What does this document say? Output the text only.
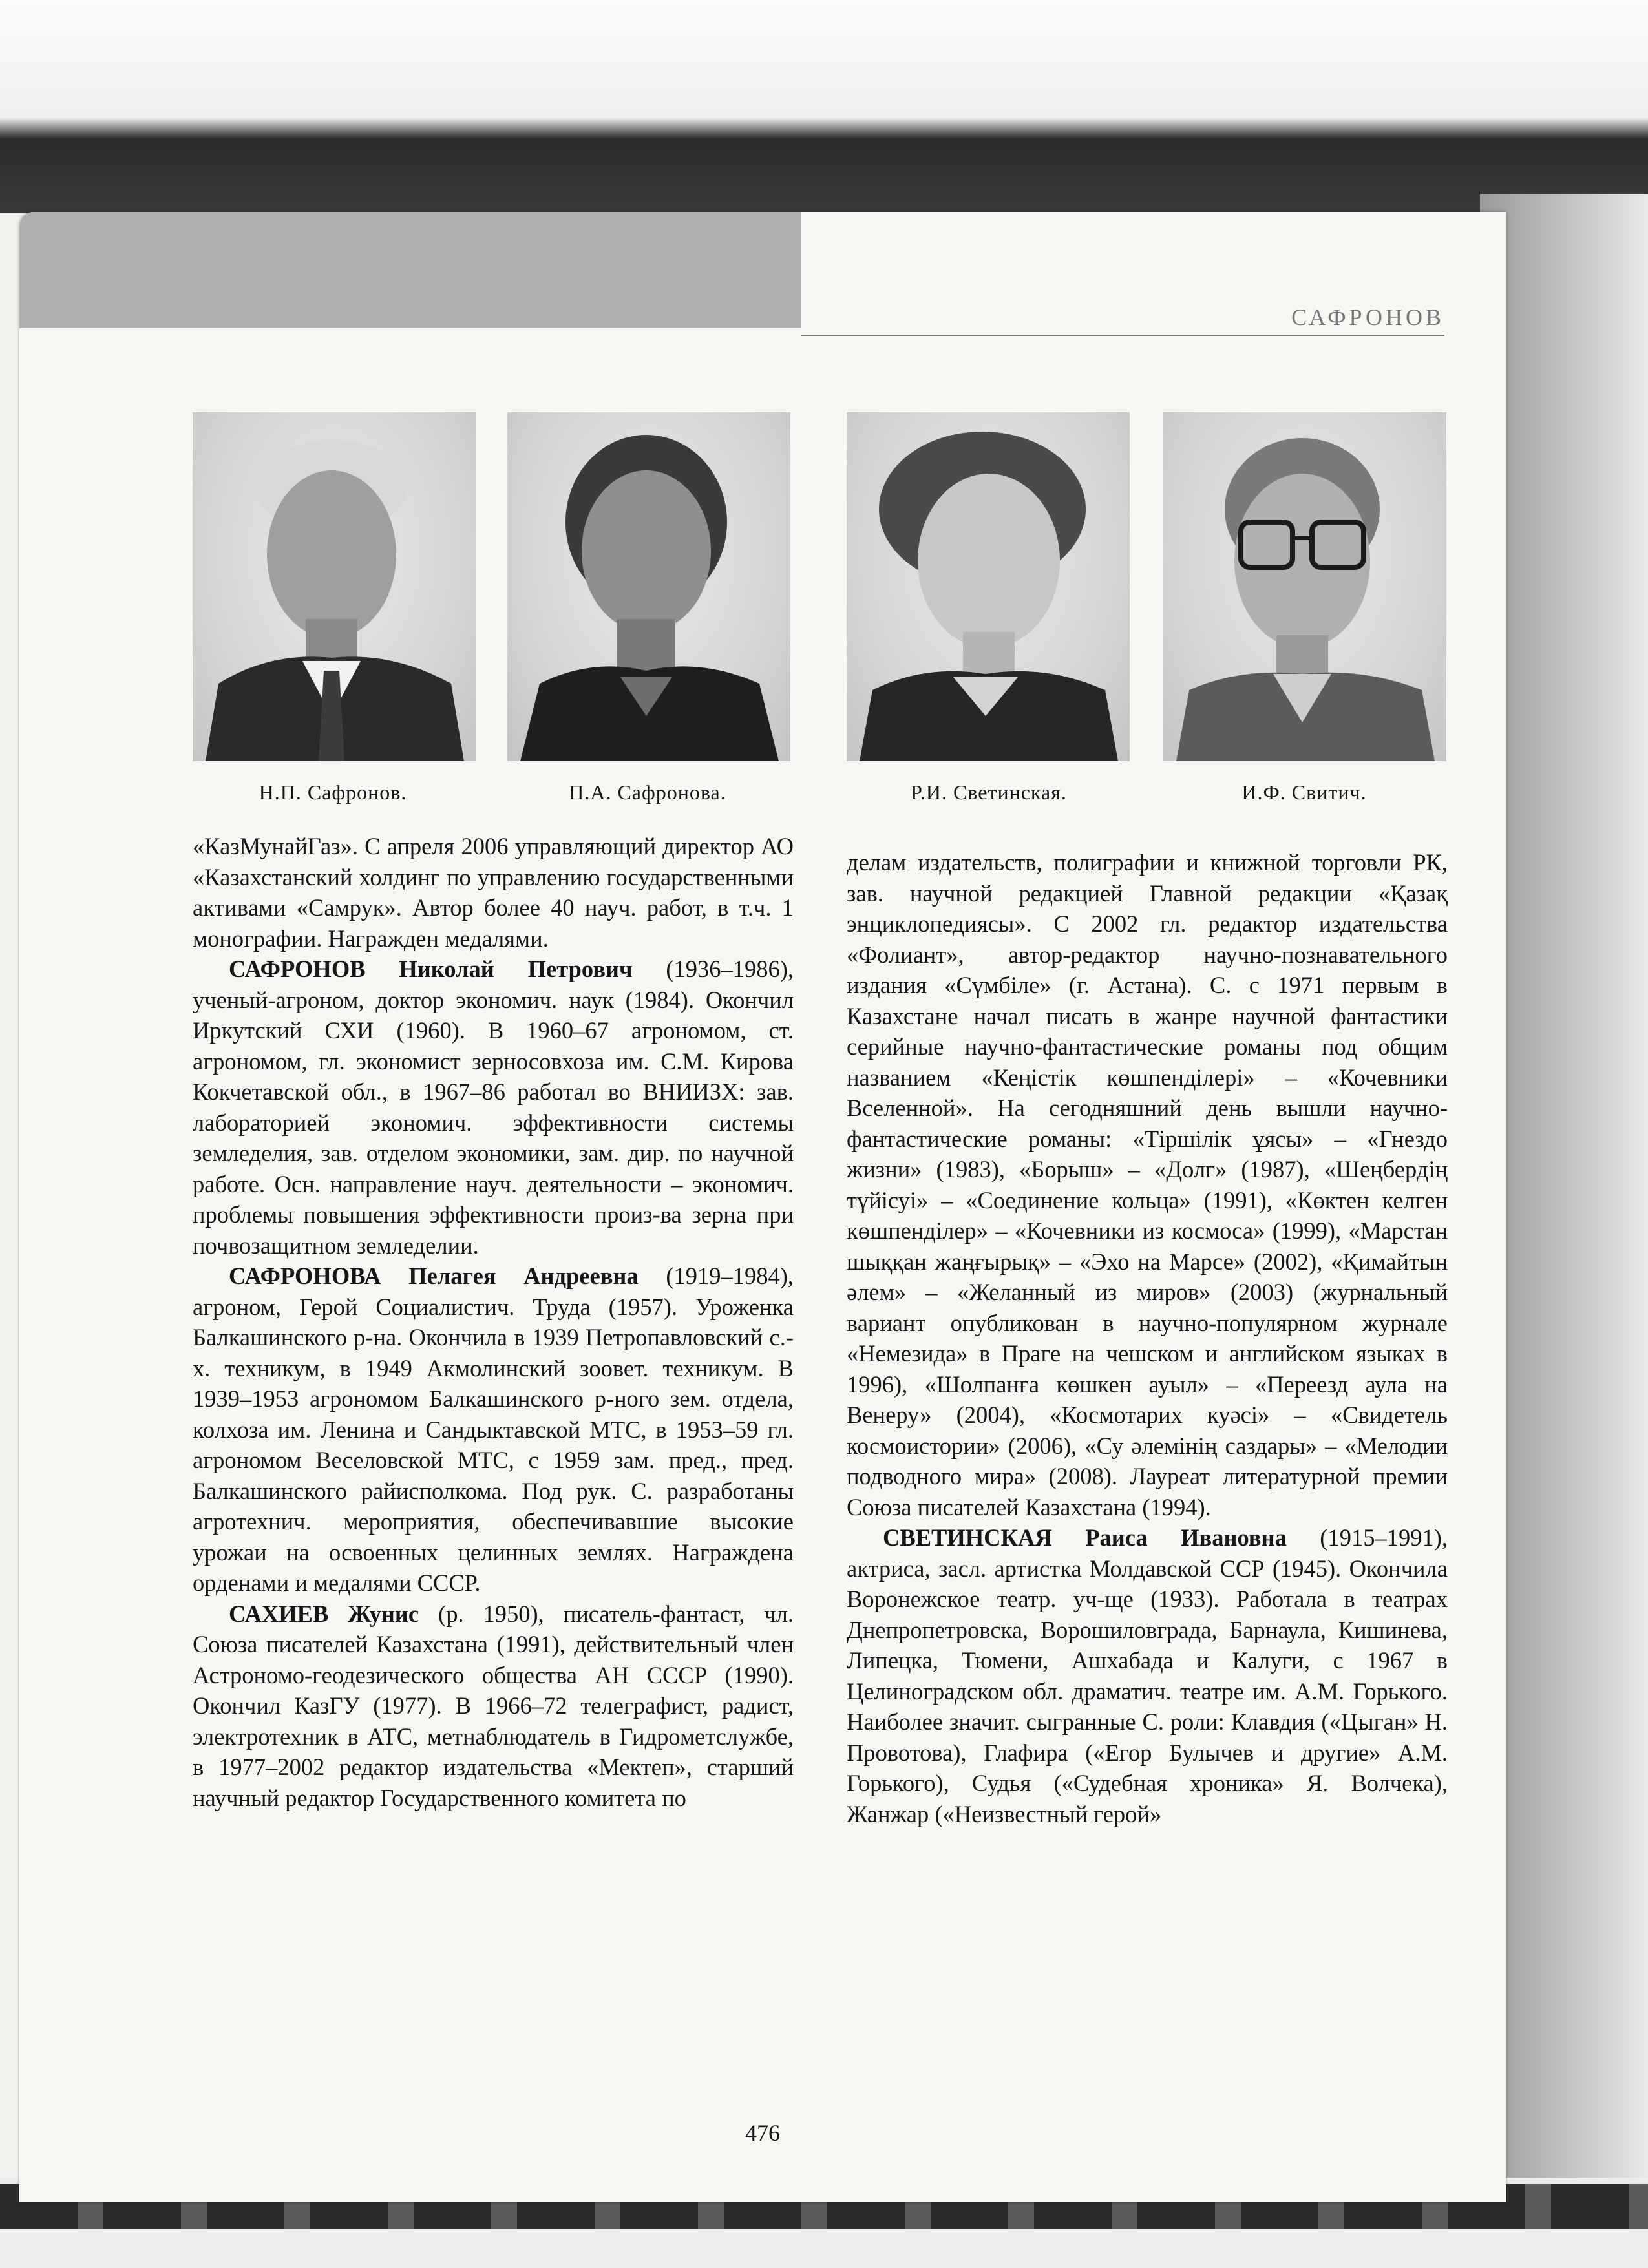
САФРОНОВ
Н.П. Сафронов.	П.А. Сафронова.	Р.И. Светинская.	И.Ф. Свитич.

«КазМунайГаз». С апреля 2006 управляющий директор АО «Казахстанский холдинг по управлению государственными активами «Самрук». Автор более 40 науч. работ, в т.ч. 1 монографии. Награжден медалями.

САФРОНОВ Николай Петрович (1936–1986), ученый-агроном, доктор экономич. наук (1984). Окончил Иркутский СХИ (1960). В 1960–67 агрономом, ст. агрономом, гл. экономист зерносовхоза им. С.М. Кирова Кокчетавской обл., в 1967–86 работал во ВНИИЗХ: зав. лабораторией экономич. эффективности системы земледелия, зав. отделом экономики, зам. дир. по научной работе. Осн. направление науч. деятельности – экономич. проблемы повышения эффективности произ-ва зерна при почвозащитном земледелии.

САФРОНОВА Пелагея Андреевна (1919–1984), агроном, Герой Социалистич. Труда (1957). Уроженка Балкашинского р-на. Окончила в 1939 Петропавловский с.-х. техникум, в 1949 Акмолинский зоовет. техникум. В 1939–1953 агрономом Балкашинского р-ного зем. отдела, колхоза им. Ленина и Сандыктавской МТС, в 1953–59 гл. агрономом Веселовской МТС, с 1959 зам. пред., пред. Балкашинского райисполкома. Под рук. С. разработаны агротехнич. мероприятия, обеспечивавшие высокие урожаи на освоенных целинных землях. Награждена орденами и медалями СССР.

САХИЕВ Жунис (р. 1950), писатель-фантаст, чл. Союза писателей Казахстана (1991), действительный член Астрономо-геодезического общества АН СССР (1990). Окончил КазГУ (1977). В 1966–72 телеграфист, радист, электротехник в АТС, метнаблюдатель в Гидрометслужбе, в 1977–2002 редактор издательства «Мектеп», старший научный редактор Государственного комитета по

делам издательств, полиграфии и книжной торговли РК, зав. научной редакцией Главной редакции «Қазақ энциклопедиясы». С 2002 гл. редактор издательства «Фолиант», автор-редактор научно-познавательного издания «Сүмбіле» (г. Астана). С. с 1971 первым в Казахстане начал писать в жанре научной фантастики серийные научно-фантастические романы под общим названием «Кеңістік көшпенділері» – «Кочевники Вселенной». На сегодняшний день вышли научно-фантастические романы: «Тіршілік ұясы» – «Гнездо жизни» (1983), «Борыш» – «Долг» (1987), «Шеңбердің түйісуі» – «Соединение кольца» (1991), «Көктен келген көшпенділер» – «Кочевники из космоса» (1999), «Марстан шыққан жаңғырық» – «Эхо на Марсе» (2002), «Қимайтын әлем» – «Желанный из миров» (2003) (журнальный вариант опубликован в научно-популярном журнале «Немезида» в Праге на чешском и английском языках в 1996), «Шолпанға көшкен ауыл» – «Переезд аула на Венеру» (2004), «Космотарих куәсі» – «Свидетель космоистории» (2006), «Су әлемінің саздары» – «Мелодии подводного мира» (2008). Лауреат литературной премии Союза писателей Казахстана (1994).

СВЕТИНСКАЯ Раиса Ивановна (1915–1991), актриса, засл. артистка Молдавской ССР (1945). Окончила Воронежское театр. уч-ще (1933). Работала в театрах Днепропетровска, Ворошиловграда, Барнаула, Кишинева, Липецка, Тюмени, Ашхабада и Калуги, с 1967 в Целиноградском обл. драматич. театре им. А.М. Горького. Наиболее значит. сыгранные С. роли: Клавдия («Цыган» Н. Провотова), Глафира («Егор Булычев и другие» А.М. Горького), Судья («Судебная хроника» Я. Волчека), Жанжар («Неизвестный герой»

476
